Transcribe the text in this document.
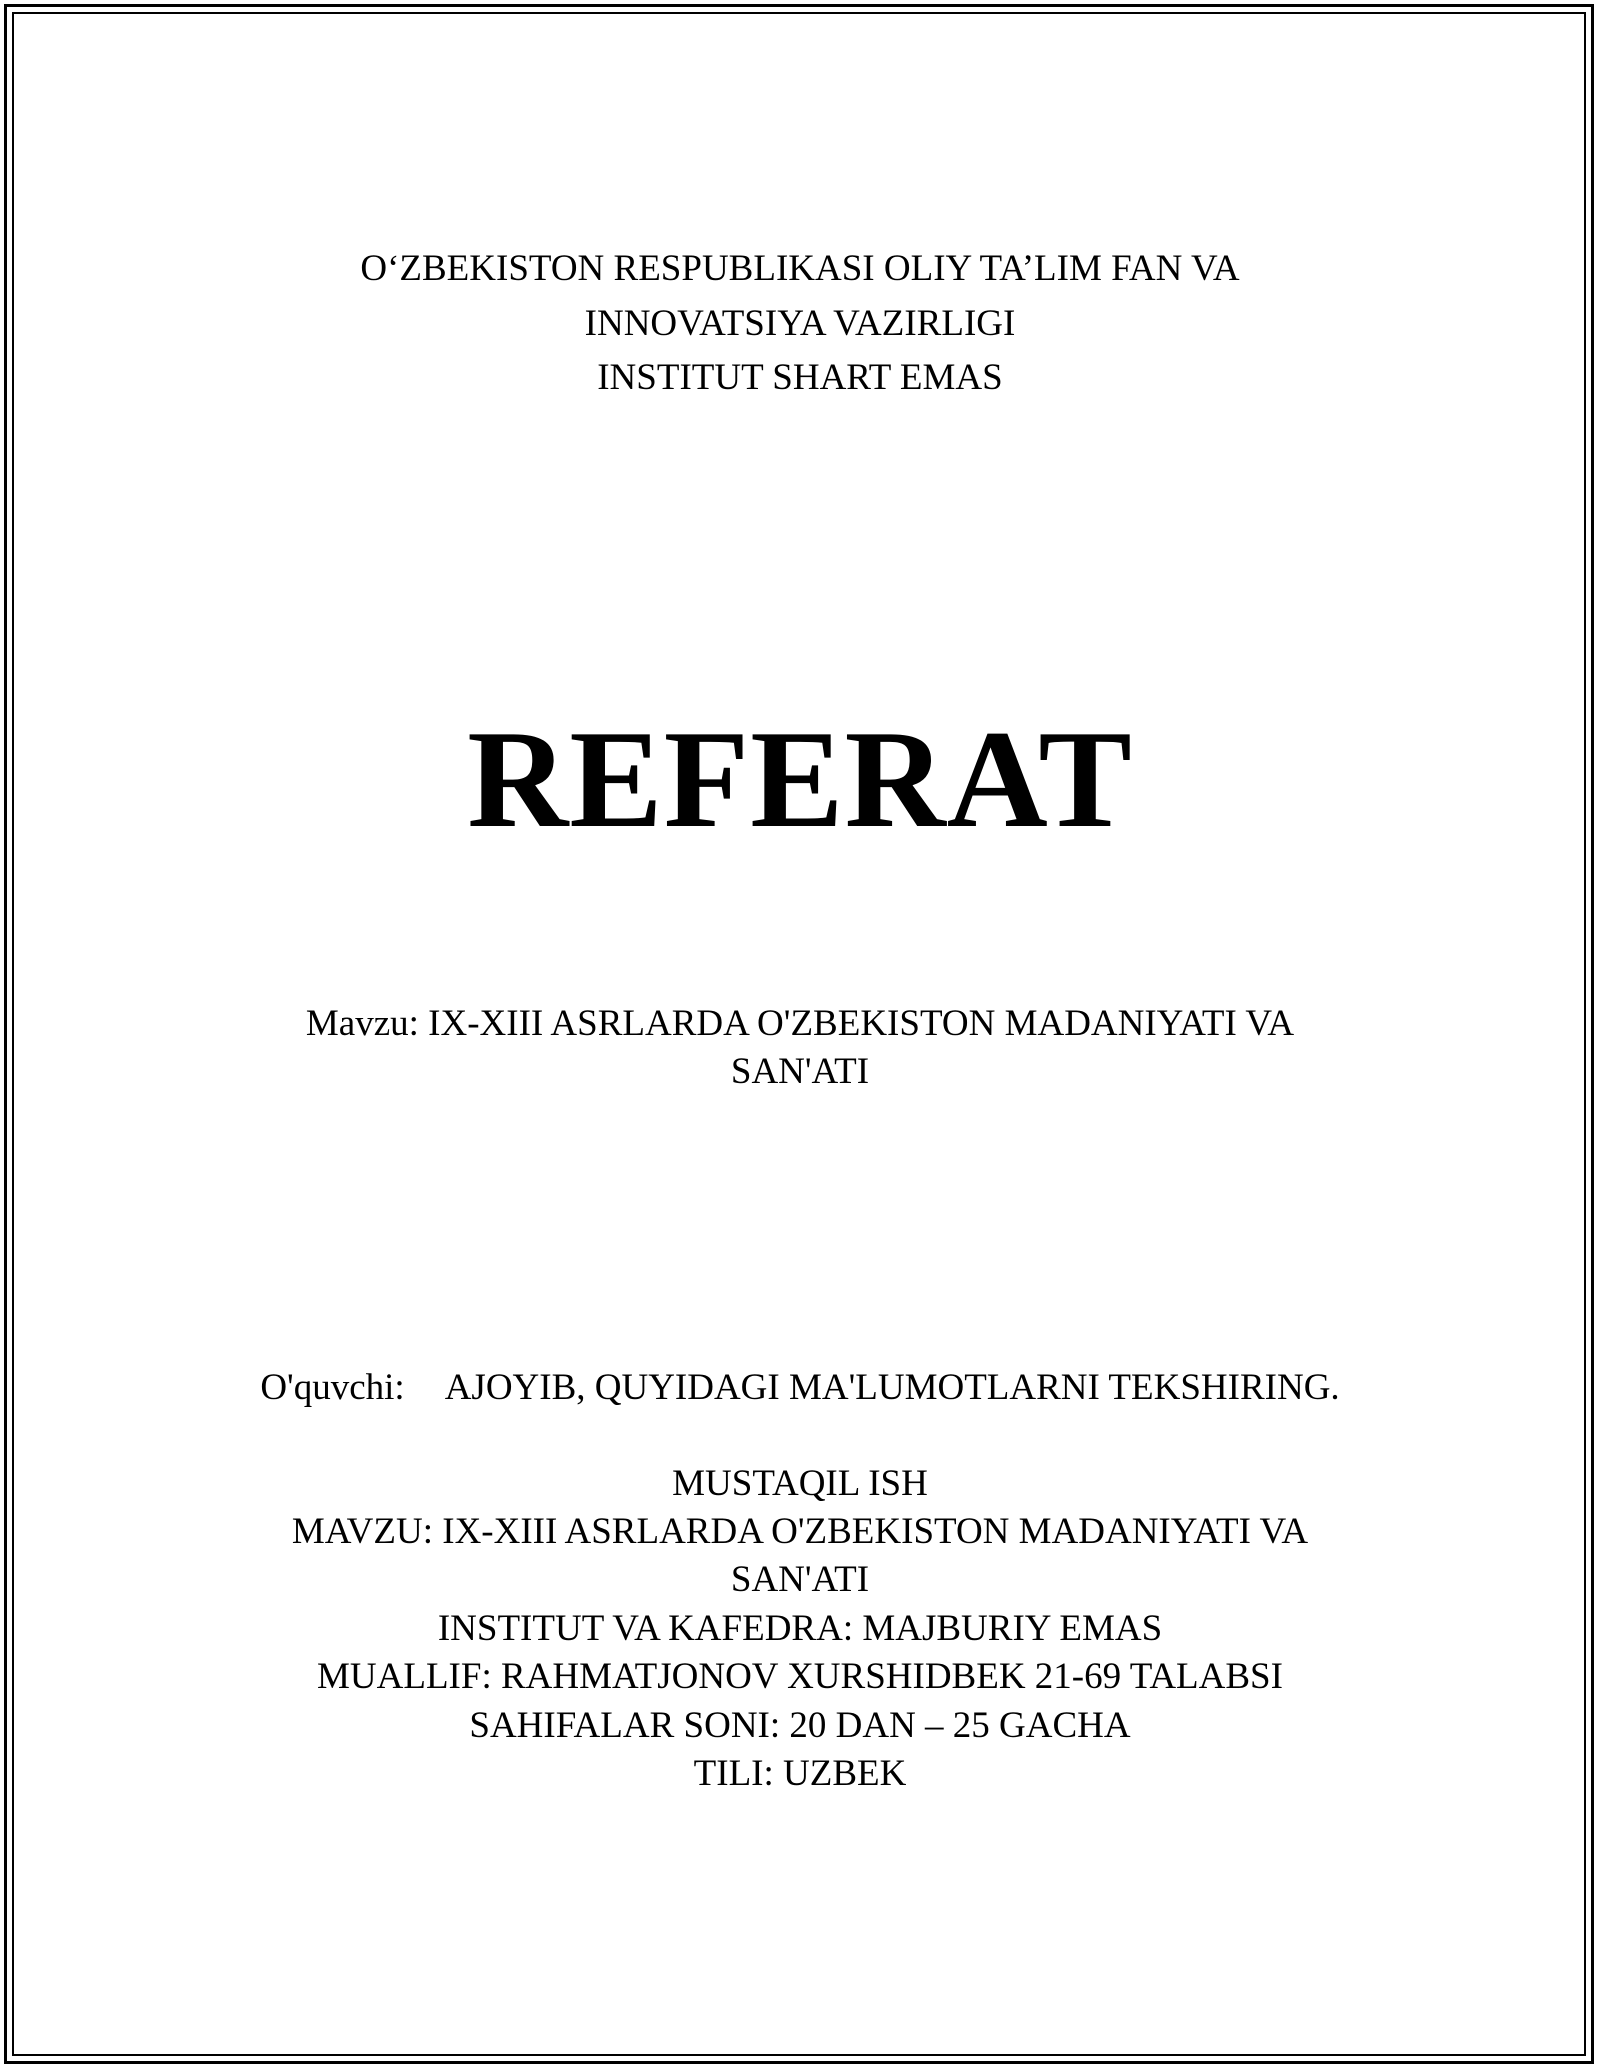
O‘ZBEKISTON RESPUBLIKASI OLIY TA’LIM FAN VA
INNOVATSIYA VAZIRLIGI
INSTITUT SHART EMAS
REFERAT
Mavzu: IX-XIII ASRLARDA O'ZBEKISTON MADANIYATI VA
SAN'ATI
O'quvchi: AJOYIB, QUYIDAGI MA'LUMOTLARNI TEKSHIRING.
MUSTAQIL ISH
MAVZU: IX-XIII ASRLARDA O'ZBEKISTON MADANIYATI VA
SAN'ATI
INSTITUT VA KAFEDRA: MAJBURIY EMAS
MUALLIF: RAHMATJONOV XURSHIDBEK 21-69 TALABSI
SAHIFALAR SONI: 20 DAN – 25 GACHA
TILI: UZBEK
